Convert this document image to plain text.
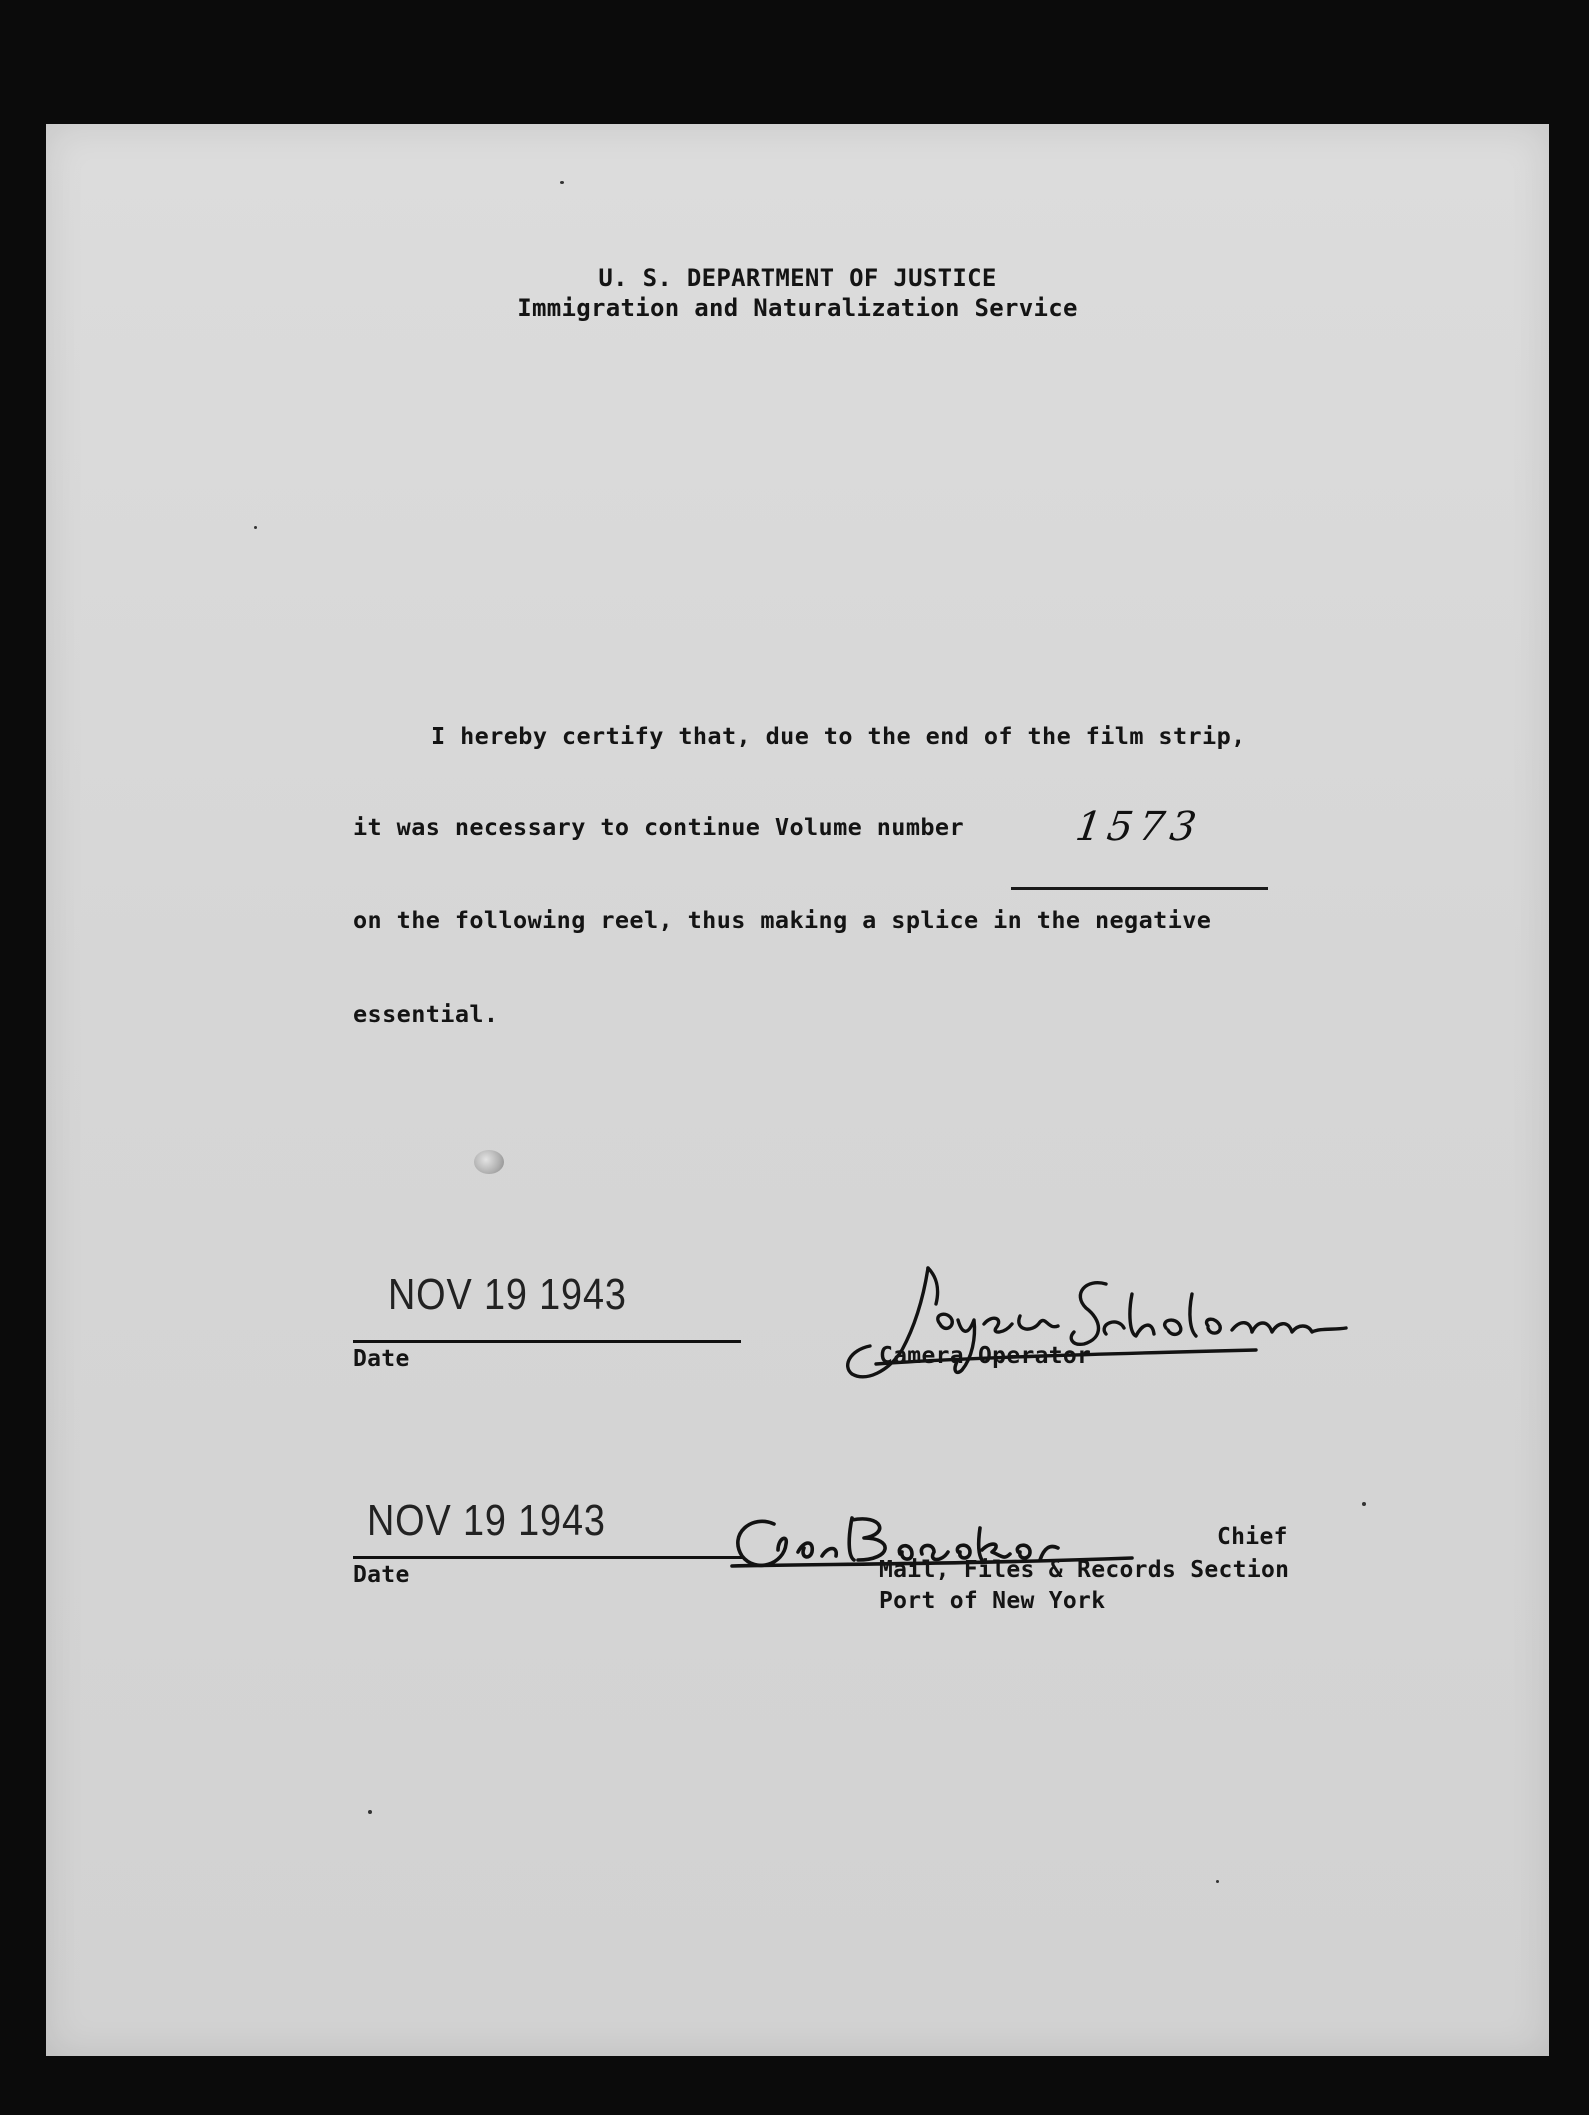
U. S. DEPARTMENT OF JUSTICE
Immigration and Naturalization Service
I hereby certify that, due to the end of the film strip,
it was necessary to continue Volume number	1573
on the following reel, thus making a splice in the negative
essential.
NOV 19 1943
Date	Camera Operator
NOV 19 1943
Date
Chief
Mail, Files & Records Section
Port of New York
